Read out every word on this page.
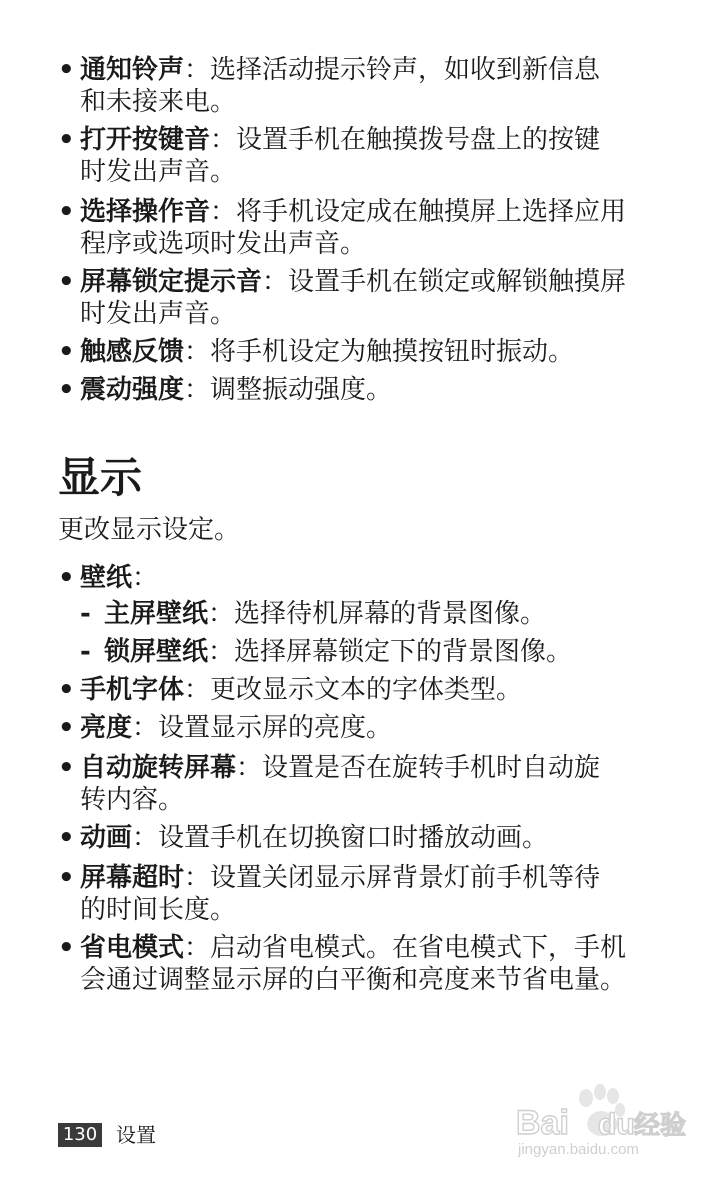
• 通知铃声：选择活动提示铃声，如收到新信息
和未接来电。
• 打开按键音：设置手机在触摸拨号盘上的按键
时发出声音。
• 选择操作音：将手机设定成在触摸屏上选择应用
程序或选项时发出声音。
• 屏幕锁定提示音：设置手机在锁定或解锁触摸屏
时发出声音。
• 触感反馈：将手机设定为触摸按钮时振动。
• 震动强度：调整振动强度。
显示

更改显示设定。

• 壁纸：
- 主屏壁纸：选择待机屏幕的背景图像。
- 锁屏壁纸：选择屏幕锁定下的背景图像。
• 手机字体：更改显示文本的字体类型。
• 亮度：设置显示屏的亮度。
• 自动旋转屏幕：设置是否在旋转手机时自动旋
转内容。
• 动画：设置手机在切换窗口时播放动画。
• 屏幕超时：设置关闭显示屏背景灯前手机等待
的时间长度。
• 省电模式：启动省电模式。在省电模式下，手机
会通过调整显示屏的白平衡和亮度来节省电量。
130 设置	Bai du 经验
jingyan.baidu.com
